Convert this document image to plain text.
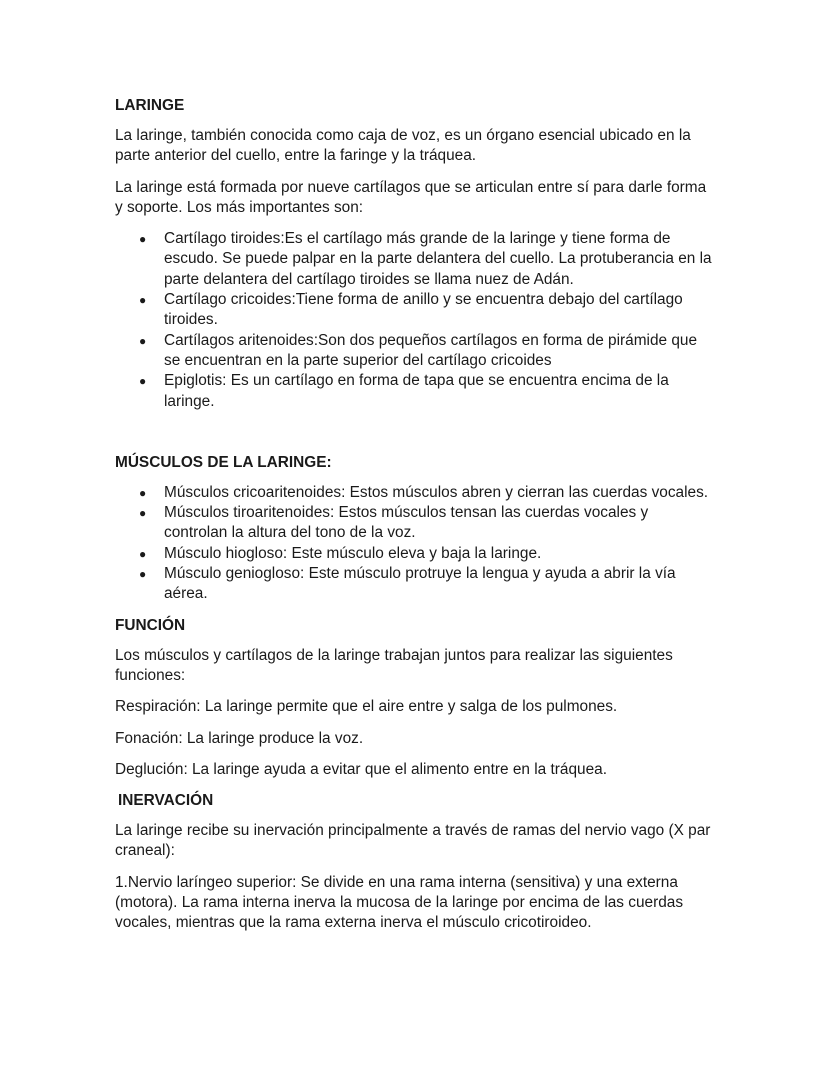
LARINGE

La laringe, también conocida como caja de voz, es un órgano esencial ubicado en la parte anterior del cuello, entre la faringe y la tráquea.

La laringe está formada por nueve cartílagos que se articulan entre sí para darle forma y soporte. Los más importantes son:

● Cartílago tiroides:Es el cartílago más grande de la laringe y tiene forma de escudo. Se puede palpar en la parte delantera del cuello. La protuberancia en la parte delantera del cartílago tiroides se llama nuez de Adán.
● Cartílago cricoides:Tiene forma de anillo y se encuentra debajo del cartílago tiroides.
● Cartílagos aritenoides:Son dos pequeños cartílagos en forma de pirámide que se encuentran en la parte superior del cartílago cricoides
● Epiglotis: Es un cartílago en forma de tapa que se encuentra encima de la laringe.
MÚSCULOS DE LA LARINGE:
● Músculos cricoaritenoides: Estos músculos abren y cierran las cuerdas vocales.
● Músculos tiroaritenoides: Estos músculos tensan las cuerdas vocales y controlan la altura del tono de la voz.
● Músculo hiogloso: Este músculo eleva y baja la laringe.
● Músculo geniogloso: Este músculo protruye la lengua y ayuda a abrir la vía aérea.
FUNCIÓN

Los músculos y cartílagos de la laringe trabajan juntos para realizar las siguientes funciones:

Respiración: La laringe permite que el aire entre y salga de los pulmones.

Fonación: La laringe produce la voz.

Deglución: La laringe ayuda a evitar que el alimento entre en la tráquea.

INERVACIÓN

La laringe recibe su inervación principalmente a través de ramas del nervio vago (X par craneal):

1.Nervio laríngeo superior: Se divide en una rama interna (sensitiva) y una externa (motora). La rama interna inerva la mucosa de la laringe por encima de las cuerdas vocales, mientras que la rama externa inerva el músculo cricotiroideo.
